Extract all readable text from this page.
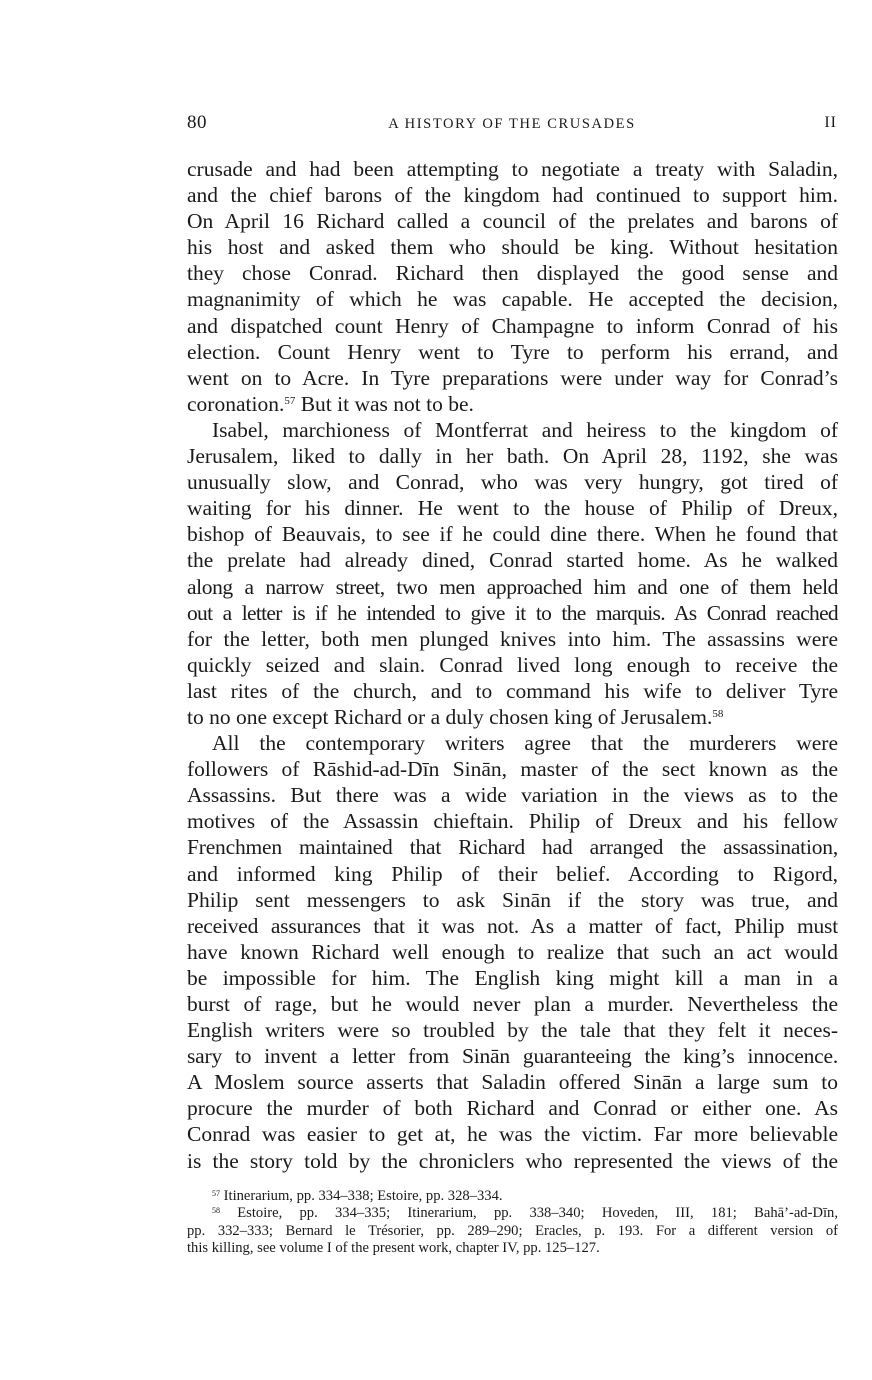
80	A HISTORY OF THE CRUSADES	II
crusade and had been attempting to negotiate a treaty with Saladin,
and the chief barons of the kingdom had continued to support him.
On April 16 Richard called a council of the prelates and barons of
his host and asked them who should be king. Without hesitation
they chose Conrad. Richard then displayed the good sense and
magnanimity of which he was capable. He accepted the decision,
and dispatched count Henry of Champagne to inform Conrad of his
election. Count Henry went to Tyre to perform his errand, and
went on to Acre. In Tyre preparations were under way for Conrad’s
coronation.$^{57}$ But it was not to be.
Isabel, marchioness of Montferrat and heiress to the kingdom of
Jerusalem, liked to dally in her bath. On April 28, 1192, she was
unusually slow, and Conrad, who was very hungry, got tired of
waiting for his dinner. He went to the house of Philip of Dreux,
bishop of Beauvais, to see if he could dine there. When he found that
the prelate had already dined, Conrad started home. As he walked
along a narrow street, two men approached him and one of them held
out a letter is if he intended to give it to the marquis. As Conrad reached
for the letter, both men plunged knives into him. The assassins were
quickly seized and slain. Conrad lived long enough to receive the
last rites of the church, and to command his wife to deliver Tyre
to no one except Richard or a duly chosen king of Jerusalem.$^{58}$
All the contemporary writers agree that the murderers were
followers of Rāshid-ad-Dīn Sinān, master of the sect known as the
Assassins. But there was a wide variation in the views as to the
motives of the Assassin chieftain. Philip of Dreux and his fellow
Frenchmen maintained that Richard had arranged the assassination,
and informed king Philip of their belief. According to Rigord,
Philip sent messengers to ask Sinān if the story was true, and
received assurances that it was not. As a matter of fact, Philip must
have known Richard well enough to realize that such an act would
be impossible for him. The English king might kill a man in a
burst of rage, but he would never plan a murder. Nevertheless the
English writers were so troubled by the tale that they felt it neces-
sary to invent a letter from Sinān guaranteeing the king’s innocence.
A Moslem source asserts that Saladin offered Sinān a large sum to
procure the murder of both Richard and Conrad or either one. As
Conrad was easier to get at, he was the victim. Far more believable
is the story told by the chroniclers who represented the views of the
$^{57}$ Itinerarium, pp. 334–338; Estoire, pp. 328–334.
$^{58}$ Estoire, pp. 334–335; Itinerarium, pp. 338–340; Hoveden, III, 181; Bahā’-ad-Dīn,
pp. 332–333; Bernard le Trésorier, pp. 289–290; Eracles, p. 193. For a different version of
this killing, see volume I of the present work, chapter IV, pp. 125–127.
